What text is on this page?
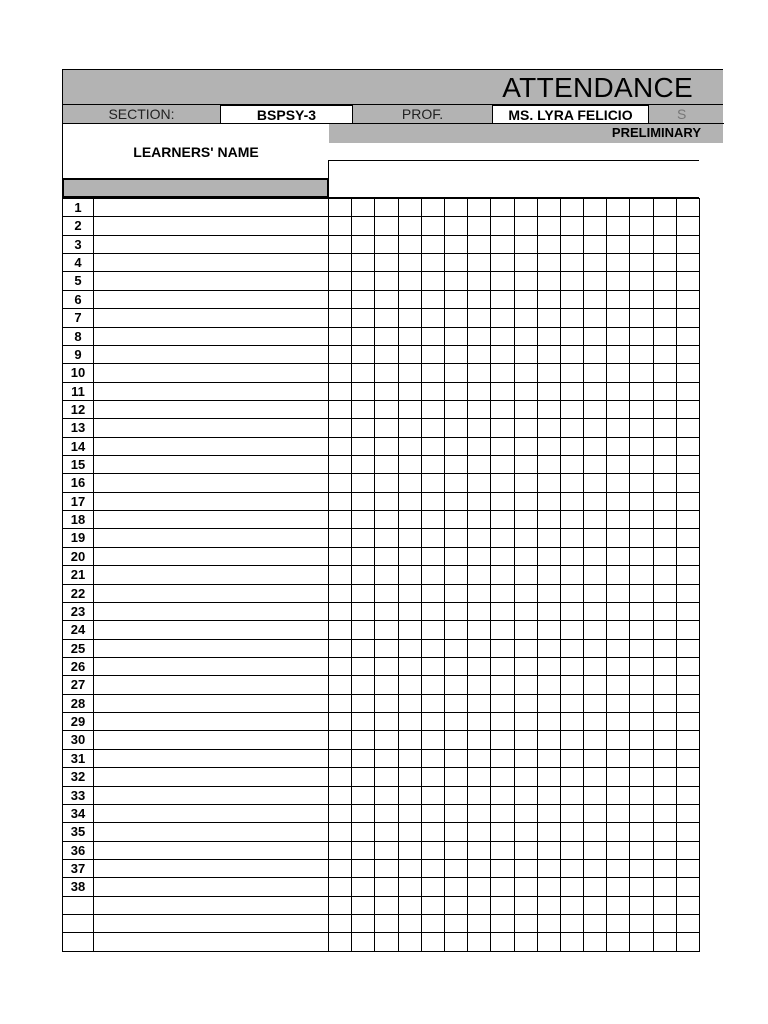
ATTENDANCE
SECTION:	BSPSY-3	PROF.	MS. LYRA FELICIO	S
PRELIMINARY
LEARNERS' NAME
1
2
3
4
5
6
7
8
9
10
11
12
13
14
15
16
17
18
19
20
21
22
23
24
25
26
27
28
29
30
31
32
33
34
35
36
37
38
